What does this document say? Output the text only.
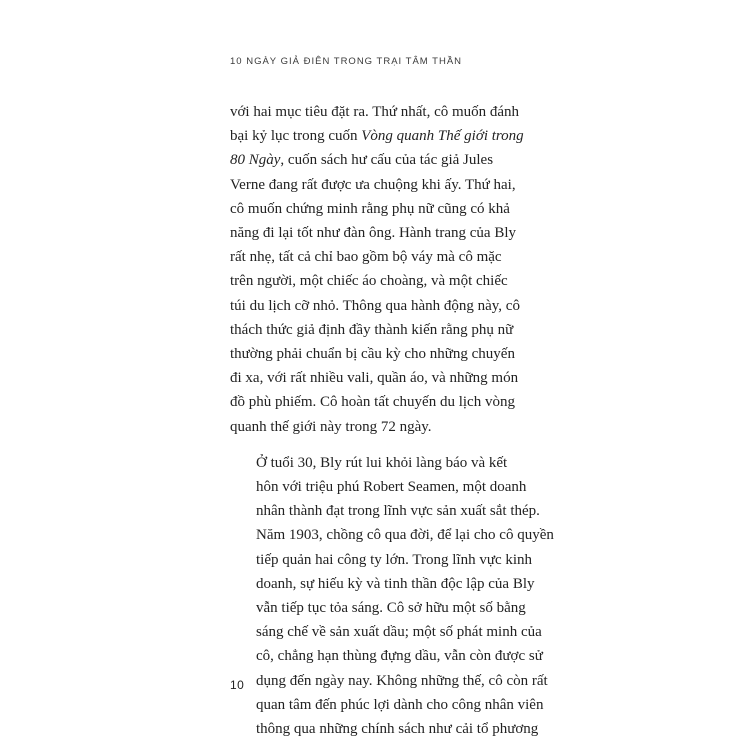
10 NGÀY GIẢ ĐIÊN TRONG TRẠI TÂM THẦN

với hai mục tiêu đặt ra. Thứ nhất, cô muốn đánh
bại kỷ lục trong cuốn Vòng quanh Thế giới trong
80 Ngày, cuốn sách hư cấu của tác giả Jules
Verne đang rất được ưa chuộng khi ấy. Thứ hai,
cô muốn chứng minh rằng phụ nữ cũng có khả
năng đi lại tốt như đàn ông. Hành trang của Bly
rất nhẹ, tất cả chỉ bao gồm bộ váy mà cô mặc
trên người, một chiếc áo choàng, và một chiếc
túi du lịch cỡ nhỏ. Thông qua hành động này, cô
thách thức giả định đầy thành kiến rằng phụ nữ
thường phải chuẩn bị cầu kỳ cho những chuyến
đi xa, với rất nhiều vali, quần áo, và những món
đồ phù phiếm. Cô hoàn tất chuyến du lịch vòng
quanh thế giới này trong 72 ngày.

Ở tuổi 30, Bly rút lui khỏi làng báo và kết
hôn với triệu phú Robert Seamen, một doanh
nhân thành đạt trong lĩnh vực sản xuất sắt thép.
Năm 1903, chồng cô qua đời, để lại cho cô quyền
tiếp quản hai công ty lớn. Trong lĩnh vực kinh
doanh, sự hiếu kỳ và tinh thần độc lập của Bly
vẫn tiếp tục tỏa sáng. Cô sở hữu một số bằng
sáng chế về sản xuất dầu; một số phát minh của
cô, chẳng hạn thùng đựng dầu, vẫn còn được sử
dụng đến ngày nay. Không những thế, cô còn rất
quan tâm đến phúc lợi dành cho công nhân viên
thông qua những chính sách như cải tổ phương

10
